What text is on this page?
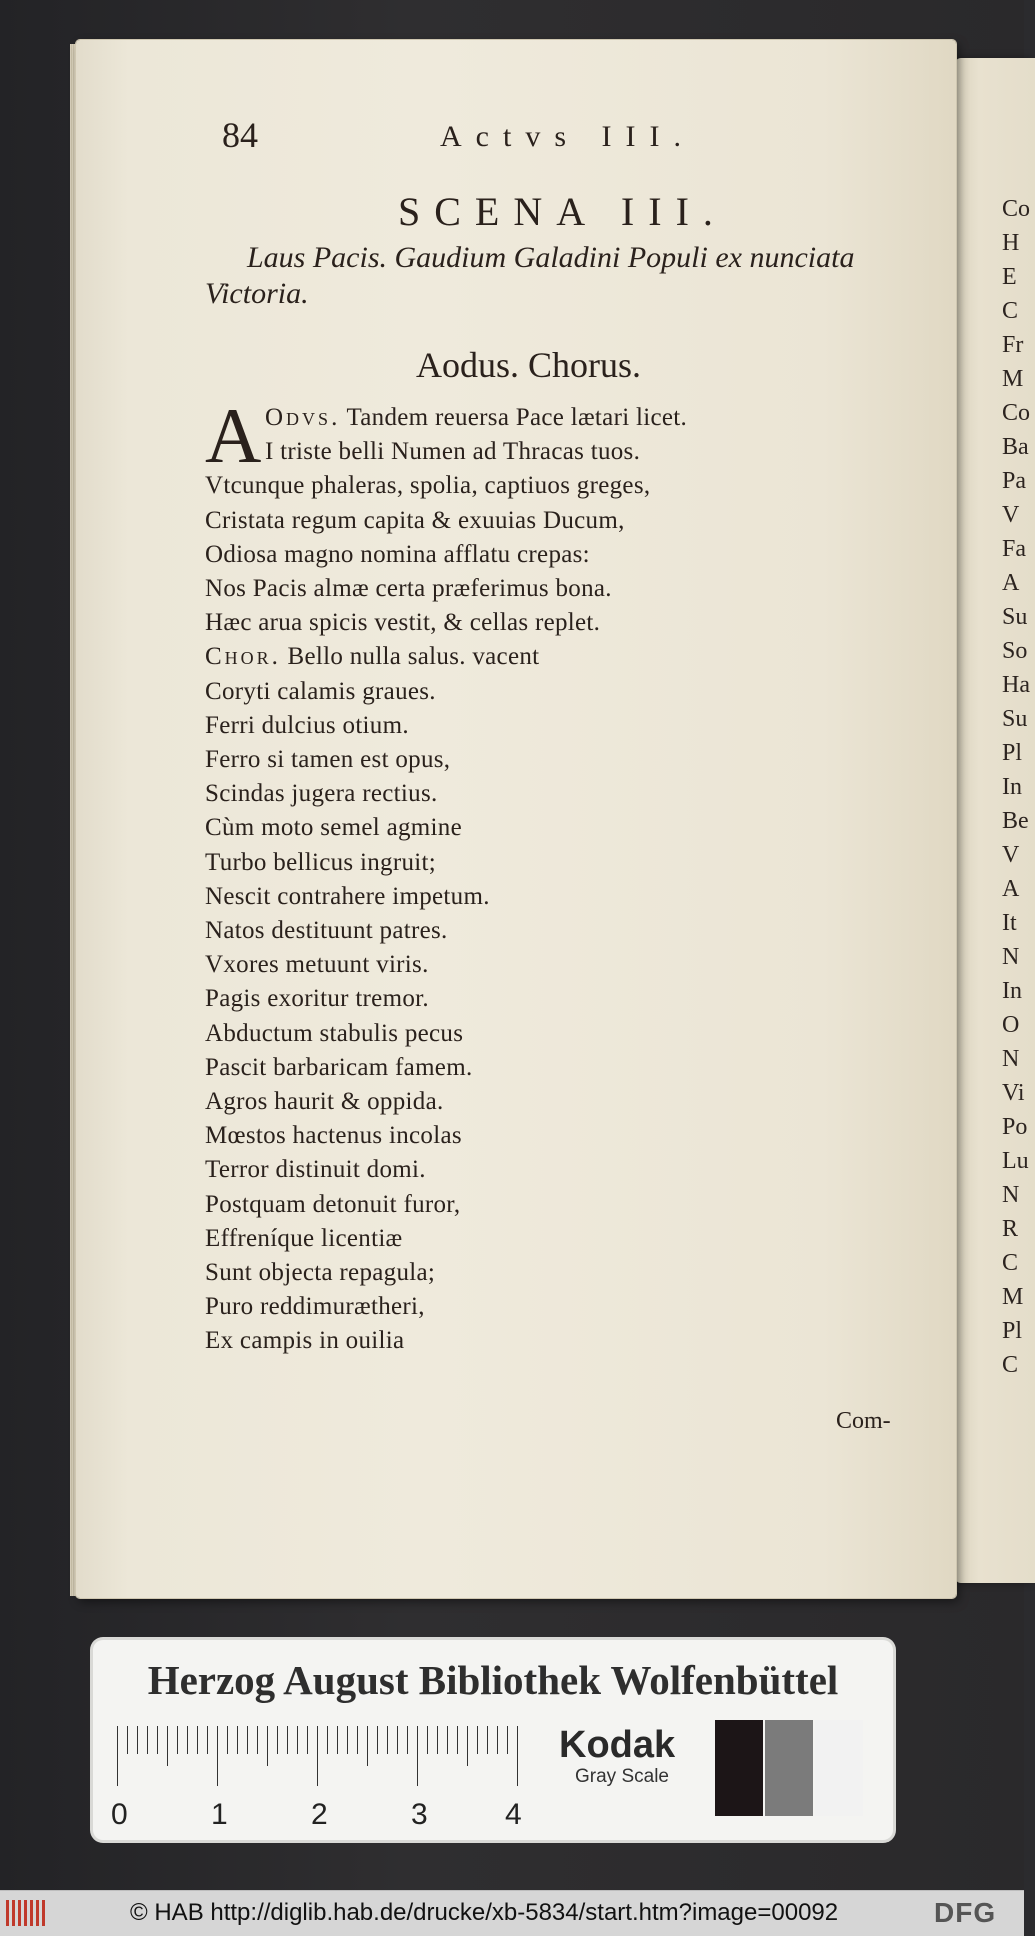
Co
H
E
C
Fr
M
Co
Ba
Pa
V
Fa
A
Su
So
Ha
Su
Pl
In
Be
V
A
It
N
In
O
N
Vi
Po
Lu
N
R
C
M
Pl
C
84	Actvs III.
SCENA III.
Laus Pacis. Gaudium Galadini Populi ex nunciata Victoria.
Aodus. Chorus.
A Odvs. Tandem reuersa Pace lætari licet.
I triste belli Numen ad Thracas tuos.
Vtcunque phaleras, spolia, captiuos greges,
Cristata regum capita & exuuias Ducum,
Odiosa magno nomina afflatu crepas:
Nos Pacis almæ certa præferimus bona.
Hæc arua spicis vestit, & cellas replet.
Chor. Bello nulla salus. vacent
Coryti calamis graues.
Ferri dulcius otium.
Ferro si tamen est opus,
Scindas jugera rectius.
Cùm moto semel agmine
Turbo bellicus ingruit;
Nescit contrahere impetum.
Natos destituunt patres.
Vxores metuunt viris.
Pagis exoritur tremor.
Abductum stabulis pecus
Pascit barbaricam famem.
Agros haurit & oppida.
Mœstos hactenus incolas
Terror distinuit domi.
Postquam detonuit furor,
Effreníque licentiæ
Sunt objecta repagula;
Puro reddimurætheri,
Ex campis in ouilia
Com-
Herzog August Bibliothek Wolfenbüttel
0	1	2	3	4
Kodak
Gray Scale
© HAB http://diglib.hab.de/drucke/xb-5834/start.htm?image=00092	DFG
